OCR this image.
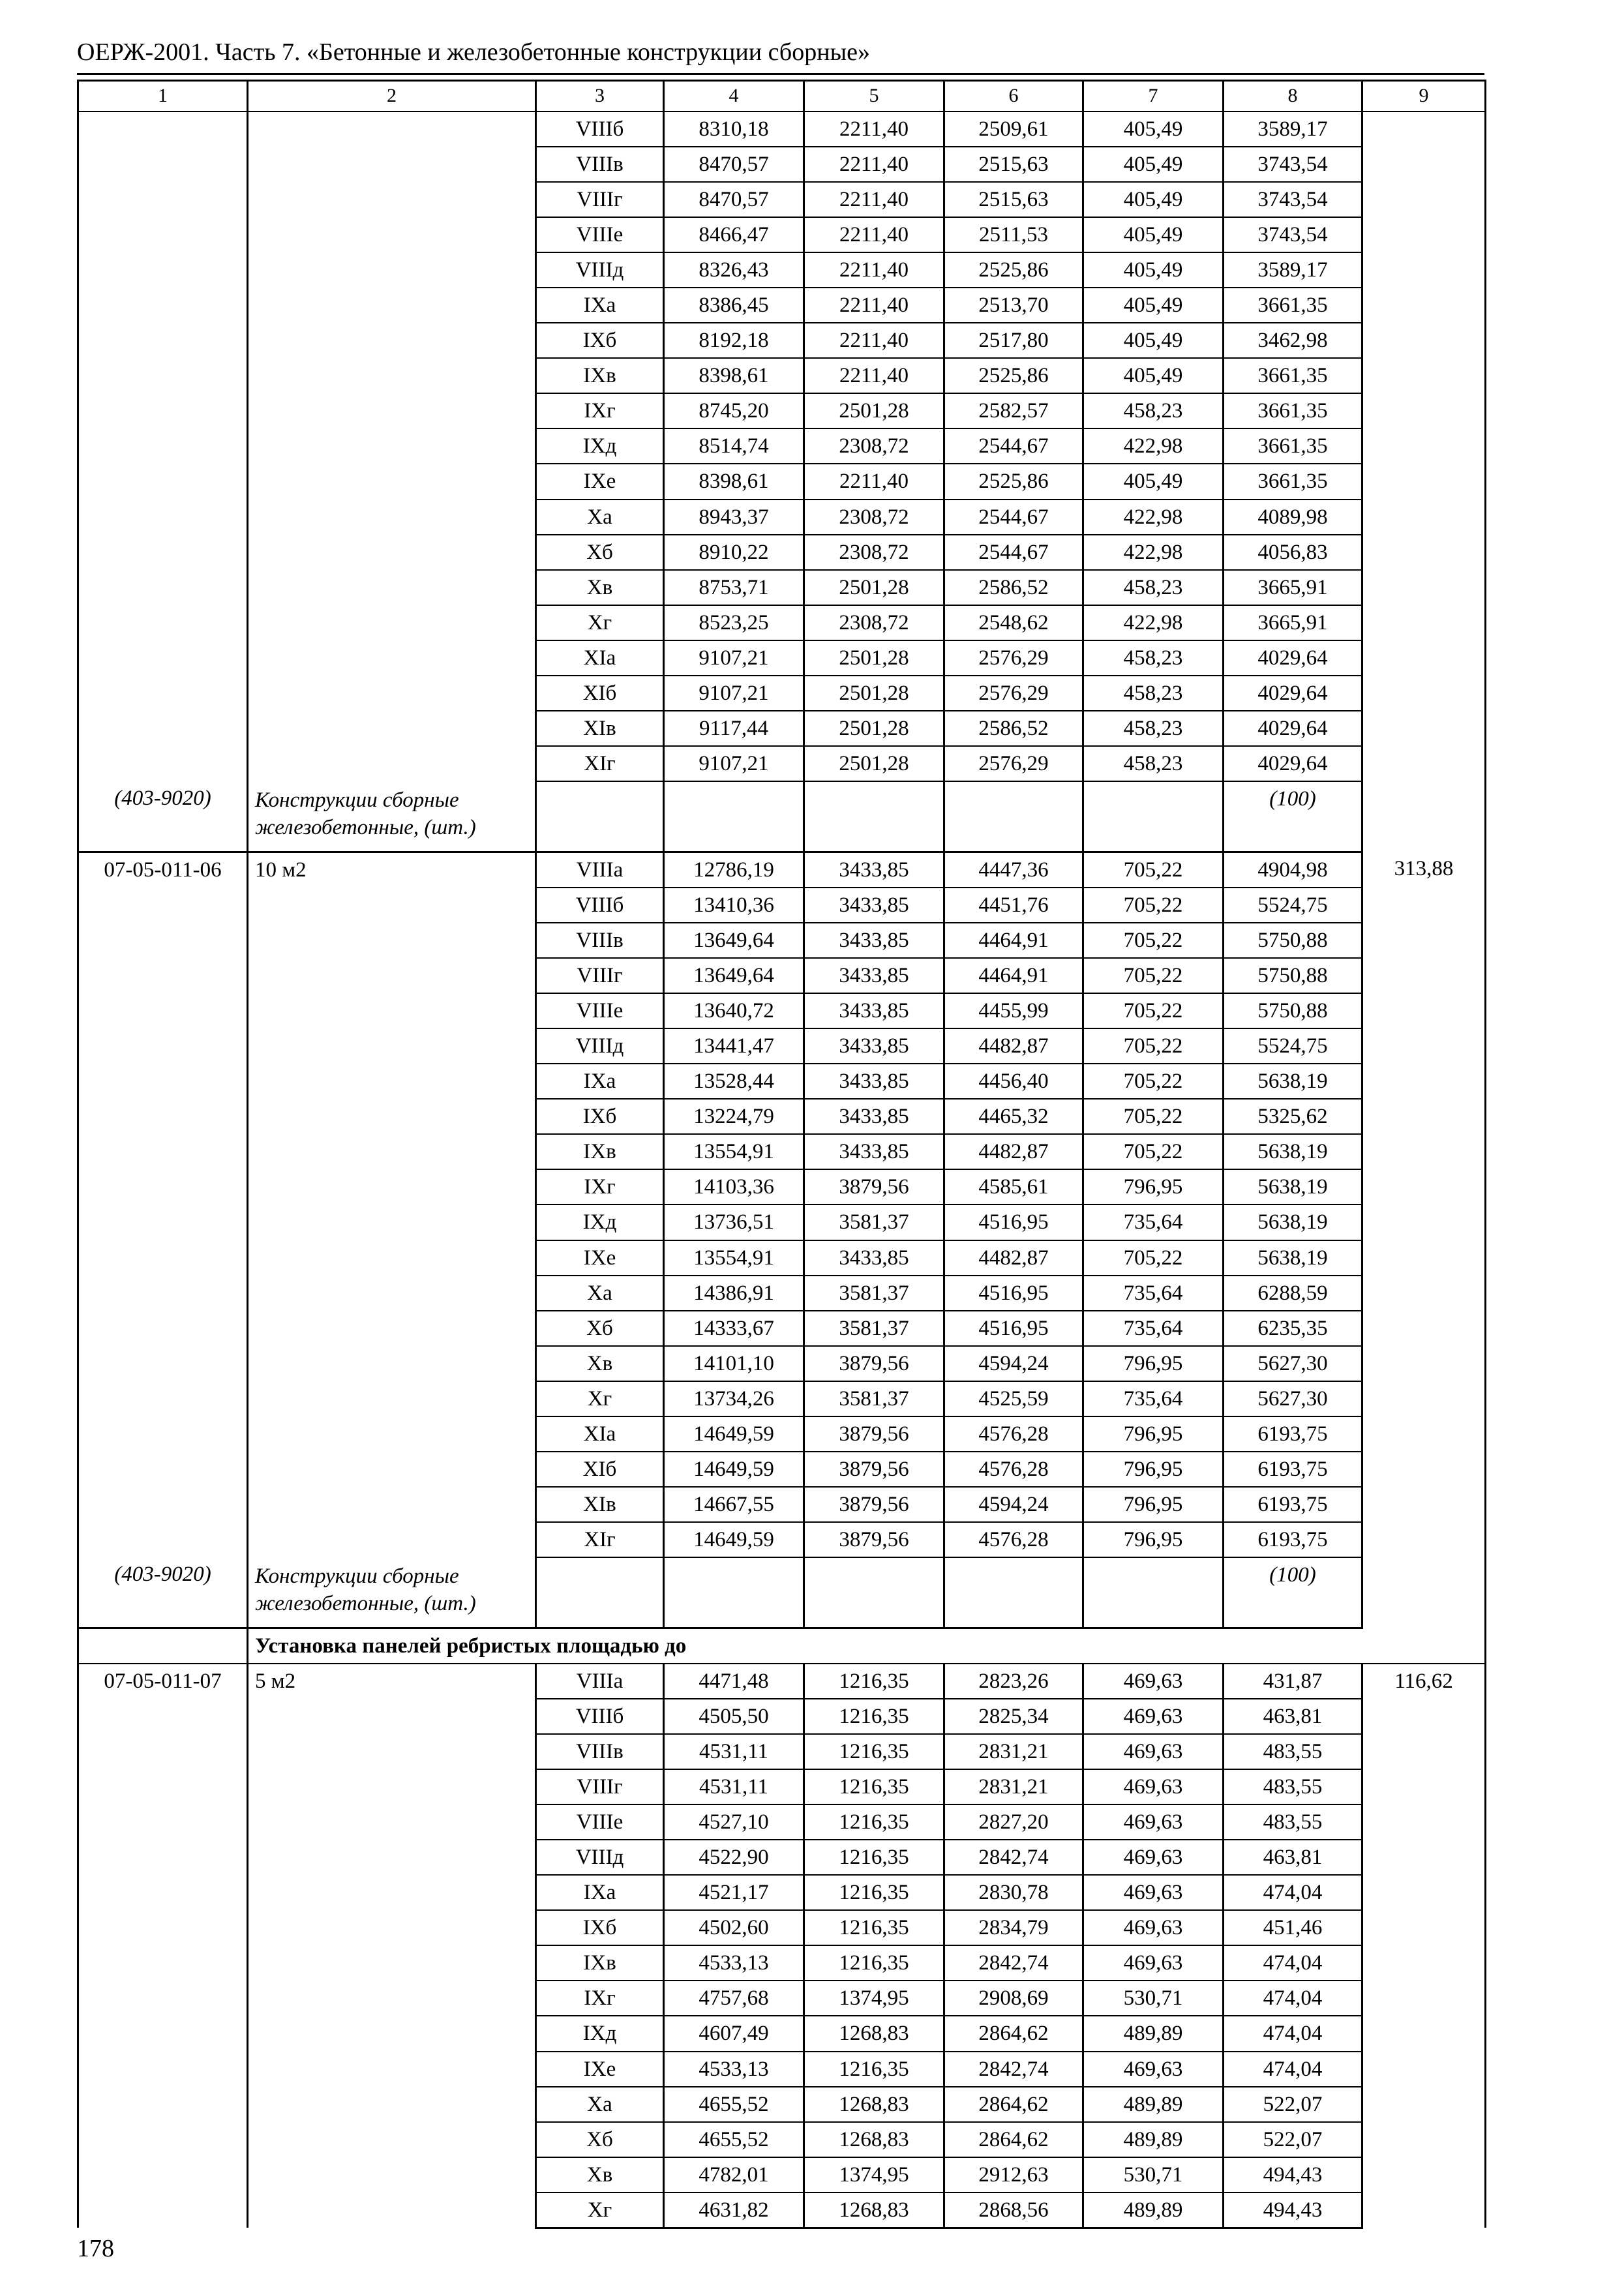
ОЕРЖ-2001. Часть 7. «Бетонные и железобетонные конструкции сборные»
1	2	3	4	5	6	7	8	9
		VIIIб	8310,18	2211,40	2509,61	405,49	3589,17	
		VIIIв	8470,57	2211,40	2515,63	405,49	3743,54	
		VIIIг	8470,57	2211,40	2515,63	405,49	3743,54	
		VIIIе	8466,47	2211,40	2511,53	405,49	3743,54	
		VIIIд	8326,43	2211,40	2525,86	405,49	3589,17	
		IXа	8386,45	2211,40	2513,70	405,49	3661,35	
		IXб	8192,18	2211,40	2517,80	405,49	3462,98	
		IXв	8398,61	2211,40	2525,86	405,49	3661,35	
		IXг	8745,20	2501,28	2582,57	458,23	3661,35	
		IXд	8514,74	2308,72	2544,67	422,98	3661,35	
		IXе	8398,61	2211,40	2525,86	405,49	3661,35	
		Xа	8943,37	2308,72	2544,67	422,98	4089,98	
		Xб	8910,22	2308,72	2544,67	422,98	4056,83	
		Xв	8753,71	2501,28	2586,52	458,23	3665,91	
		Xг	8523,25	2308,72	2548,62	422,98	3665,91	
		XIа	9107,21	2501,28	2576,29	458,23	4029,64	
		XIб	9107,21	2501,28	2576,29	458,23	4029,64	
		XIв	9117,44	2501,28	2586,52	458,23	4029,64	
		XIг	9107,21	2501,28	2576,29	458,23	4029,64	
(403-9020)	Конструкции сборные железобетонные, (шт.)						(100)	
07-05-011-06	10 м2	VIIIа	12786,19	3433,85	4447,36	705,22	4904,98	313,88
		VIIIб	13410,36	3433,85	4451,76	705,22	5524,75	
		VIIIв	13649,64	3433,85	4464,91	705,22	5750,88	
		VIIIг	13649,64	3433,85	4464,91	705,22	5750,88	
		VIIIе	13640,72	3433,85	4455,99	705,22	5750,88	
		VIIIд	13441,47	3433,85	4482,87	705,22	5524,75	
		IXа	13528,44	3433,85	4456,40	705,22	5638,19	
		IXб	13224,79	3433,85	4465,32	705,22	5325,62	
		IXв	13554,91	3433,85	4482,87	705,22	5638,19	
		IXг	14103,36	3879,56	4585,61	796,95	5638,19	
		IXд	13736,51	3581,37	4516,95	735,64	5638,19	
		IXе	13554,91	3433,85	4482,87	705,22	5638,19	
		Xа	14386,91	3581,37	4516,95	735,64	6288,59	
		Xб	14333,67	3581,37	4516,95	735,64	6235,35	
		Xв	14101,10	3879,56	4594,24	796,95	5627,30	
		Xг	13734,26	3581,37	4525,59	735,64	5627,30	
		XIа	14649,59	3879,56	4576,28	796,95	6193,75	
		XIб	14649,59	3879,56	4576,28	796,95	6193,75	
		XIв	14667,55	3879,56	4594,24	796,95	6193,75	
		XIг	14649,59	3879,56	4576,28	796,95	6193,75	
(403-9020)	Конструкции сборные железобетонные, (шт.)						(100)	
	Установка панелей ребристых площадью до							
07-05-011-07	5 м2	VIIIа	4471,48	1216,35	2823,26	469,63	431,87	116,62
		VIIIб	4505,50	1216,35	2825,34	469,63	463,81	
		VIIIв	4531,11	1216,35	2831,21	469,63	483,55	
		VIIIг	4531,11	1216,35	2831,21	469,63	483,55	
		VIIIе	4527,10	1216,35	2827,20	469,63	483,55	
		VIIIд	4522,90	1216,35	2842,74	469,63	463,81	
		IXа	4521,17	1216,35	2830,78	469,63	474,04	
		IXб	4502,60	1216,35	2834,79	469,63	451,46	
		IXв	4533,13	1216,35	2842,74	469,63	474,04	
		IXг	4757,68	1374,95	2908,69	530,71	474,04	
		IXд	4607,49	1268,83	2864,62	489,89	474,04	
		IXе	4533,13	1216,35	2842,74	469,63	474,04	
		Xа	4655,52	1268,83	2864,62	489,89	522,07	
		Xб	4655,52	1268,83	2864,62	489,89	522,07	
		Xв	4782,01	1374,95	2912,63	530,71	494,43	
		Xг	4631,82	1268,83	2868,56	489,89	494,43	
178
